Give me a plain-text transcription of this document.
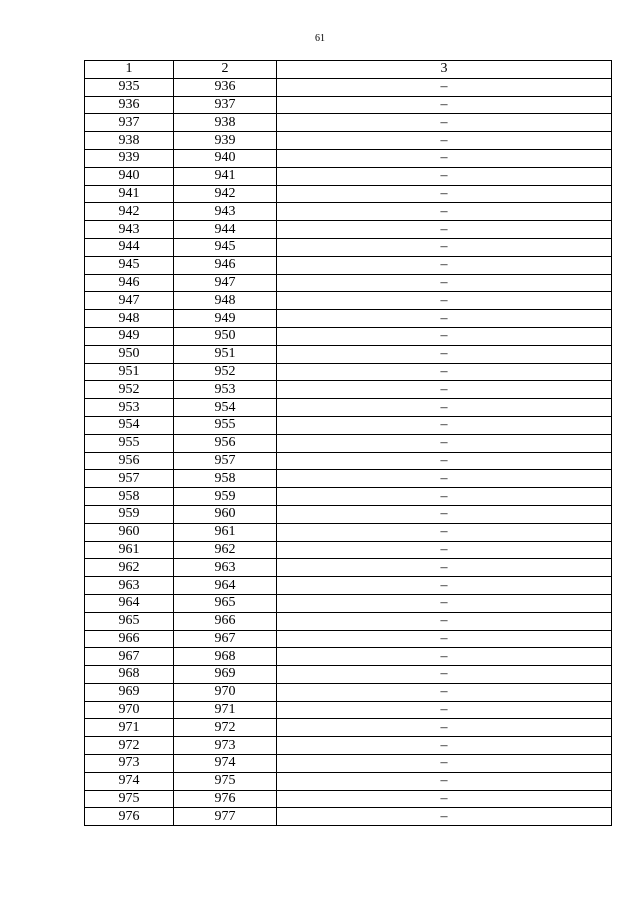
61
1	2	3
935	936	–
936	937	–
937	938	–
938	939	–
939	940	–
940	941	–
941	942	–
942	943	–
943	944	–
944	945	–
945	946	–
946	947	–
947	948	–
948	949	–
949	950	–
950	951	–
951	952	–
952	953	–
953	954	–
954	955	–
955	956	–
956	957	–
957	958	–
958	959	–
959	960	–
960	961	–
961	962	–
962	963	–
963	964	–
964	965	–
965	966	–
966	967	–
967	968	–
968	969	–
969	970	–
970	971	–
971	972	–
972	973	–
973	974	–
974	975	–
975	976	–
976	977	–
